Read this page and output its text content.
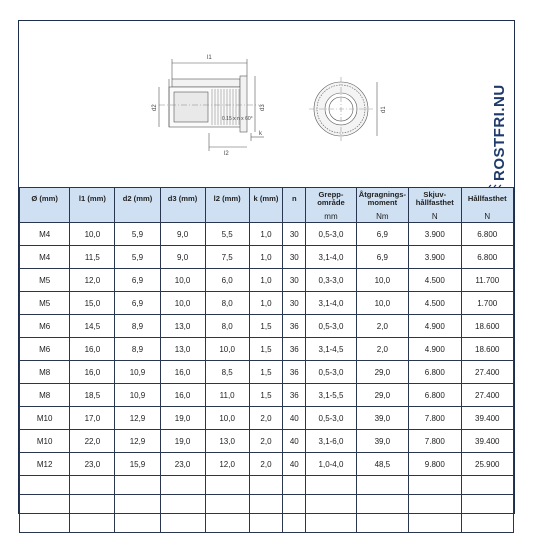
l1
d2	d3
l2
k
0.15 x n x 60°
d1	ROSTFRI.NU
Ø (mm)	l1 (mm)	d2 (mm)	d3 (mm)	l2 (mm)	k (mm)	n	Grepp-område	Åtgragnings-moment	Skjuv-hållfasthet	Hållfasthet
							mm	Nm	N	N
M4	10,0	5,9	9,0	5,5	1,0	30	0,5-3,0	6,9	3.900	6.800
M4	11,5	5,9	9,0	7,5	1,0	30	3,1-4,0	6,9	3.900	6.800
M5	12,0	6,9	10,0	6,0	1,0	30	0,3-3,0	10,0	4.500	11.700
M5	15,0	6,9	10,0	8,0	1,0	30	3,1-4,0	10,0	4.500	1.700
M6	14,5	8,9	13,0	8,0	1,5	36	0,5-3,0	2,0	4.900	18.600
M6	16,0	8,9	13,0	10,0	1,5	36	3,1-4,5	2,0	4.900	18.600
M8	16,0	10,9	16,0	8,5	1,5	36	0,5-3,0	29,0	6.800	27.400
M8	18,5	10,9	16,0	11,0	1,5	36	3,1-5,5	29,0	6.800	27.400
M10	17,0	12,9	19,0	10,0	2,0	40	0,5-3,0	39,0	7.800	39.400
M10	22,0	12,9	19,0	13,0	2,0	40	3,1-6,0	39,0	7.800	39.400
M12	23,0	15,9	23,0	12,0	2,0	40	1,0-4,0	48,5	9.800	25.900
